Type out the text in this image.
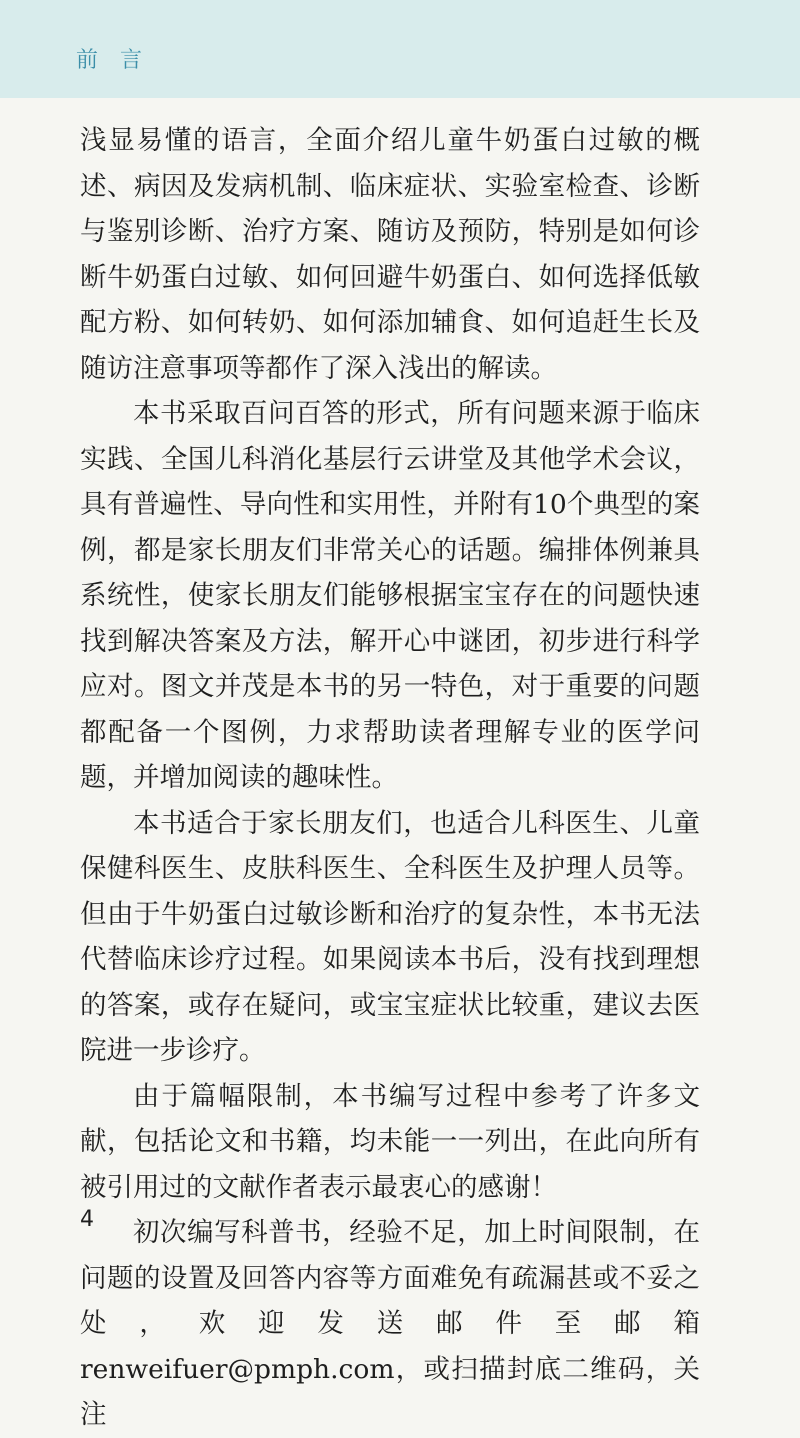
前言

浅显易懂的语言，全面介绍儿童牛奶蛋白过敏的概述、病因及发病机制、临床症状、实验室检查、诊断与鉴别诊断、治疗方案、随访及预防，特别是如何诊断牛奶蛋白过敏、如何回避牛奶蛋白、如何选择低敏配方粉、如何转奶、如何添加辅食、如何追赶生长及随访注意事项等都作了深入浅出的解读。

本书采取百问百答的形式，所有问题来源于临床实践、全国儿科消化基层行云讲堂及其他学术会议，具有普遍性、导向性和实用性，并附有10个典型的案例，都是家长朋友们非常关心的话题。编排体例兼具系统性，使家长朋友们能够根据宝宝存在的问题快速找到解决答案及方法，解开心中谜团，初步进行科学应对。图文并茂是本书的另一特色，对于重要的问题都配备一个图例，力求帮助读者理解专业的医学问题，并增加阅读的趣味性。

本书适合于家长朋友们，也适合儿科医生、儿童保健科医生、皮肤科医生、全科医生及护理人员等。但由于牛奶蛋白过敏诊断和治疗的复杂性，本书无法代替临床诊疗过程。如果阅读本书后，没有找到理想的答案，或存在疑问，或宝宝症状比较重，建议去医院进一步诊疗。

由于篇幅限制，本书编写过程中参考了许多文献，包括论文和书籍，均未能一一列出，在此向所有被引用过的文献作者表示最衷心的感谢！

初次编写科普书，经验不足，加上时间限制，在问题的设置及回答内容等方面难免有疏漏甚或不妥之处，欢迎发送邮件至邮箱 renweifuer@pmph.com，或扫描封底二维码，关注

4
